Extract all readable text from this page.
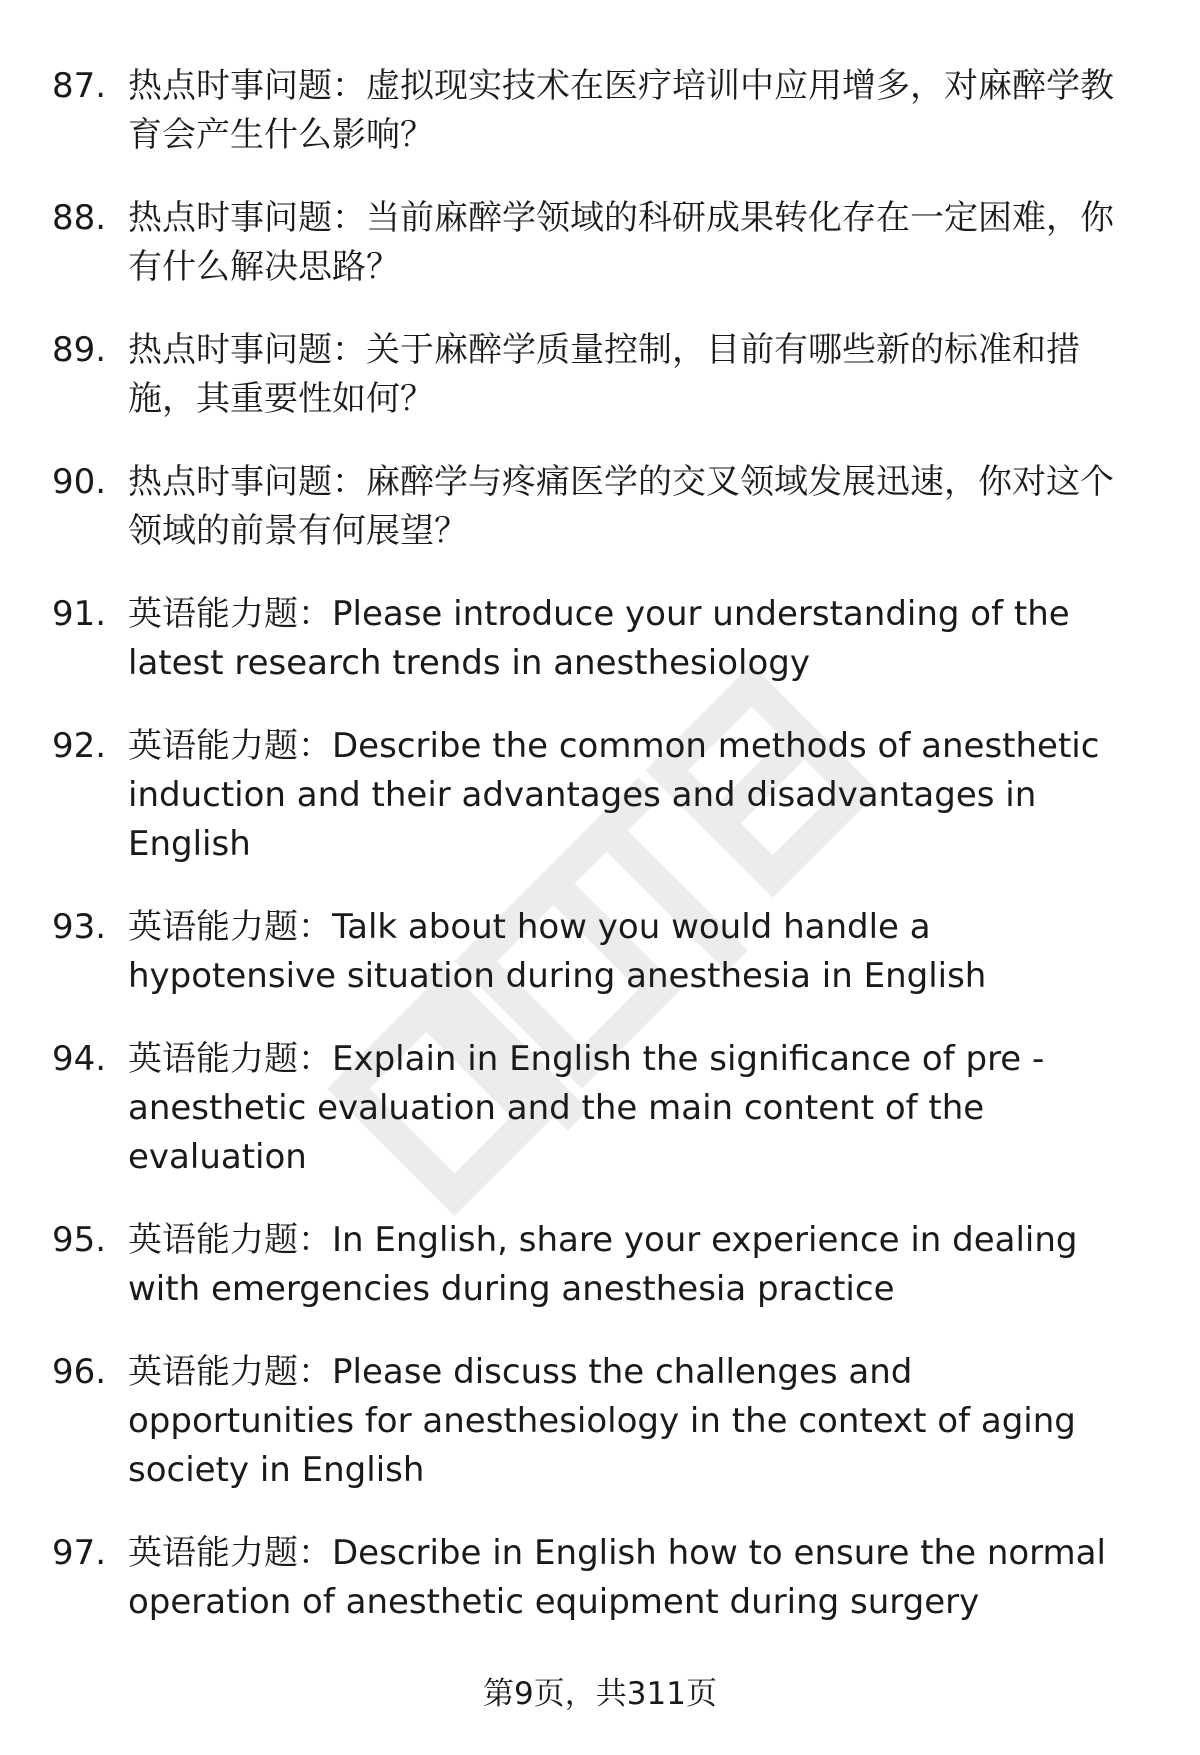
87. 热点时事问题：虚拟现实技术在医疗培训中应用增多，对麻醉学教育会产生什么影响？
88. 热点时事问题：当前麻醉学领域的科研成果转化存在一定困难，你有什么解决思路？
89. 热点时事问题：关于麻醉学质量控制，目前有哪些新的标准和措施，其重要性如何？
90. 热点时事问题：麻醉学与疼痛医学的交叉领域发展迅速，你对这个领域的前景有何展望？
91. 英语能力题：Please introduce your understanding of the latest research trends in anesthesiology
92. 英语能力题：Describe the common methods of anesthetic induction and their advantages and disadvantages in English
93. 英语能力题：Talk about how you would handle a hypotensive situation during anesthesia in English
94. 英语能力题：Explain in English the significance of pre - anesthetic evaluation and the main content of the evaluation
95. 英语能力题：In English, share your experience in dealing with emergencies during anesthesia practice
96. 英语能力题：Please discuss the challenges and opportunities for anesthesiology in the context of aging society in English
97. 英语能力题：Describe in English how to ensure the normal operation of anesthetic equipment during surgery
第9页，共311页
